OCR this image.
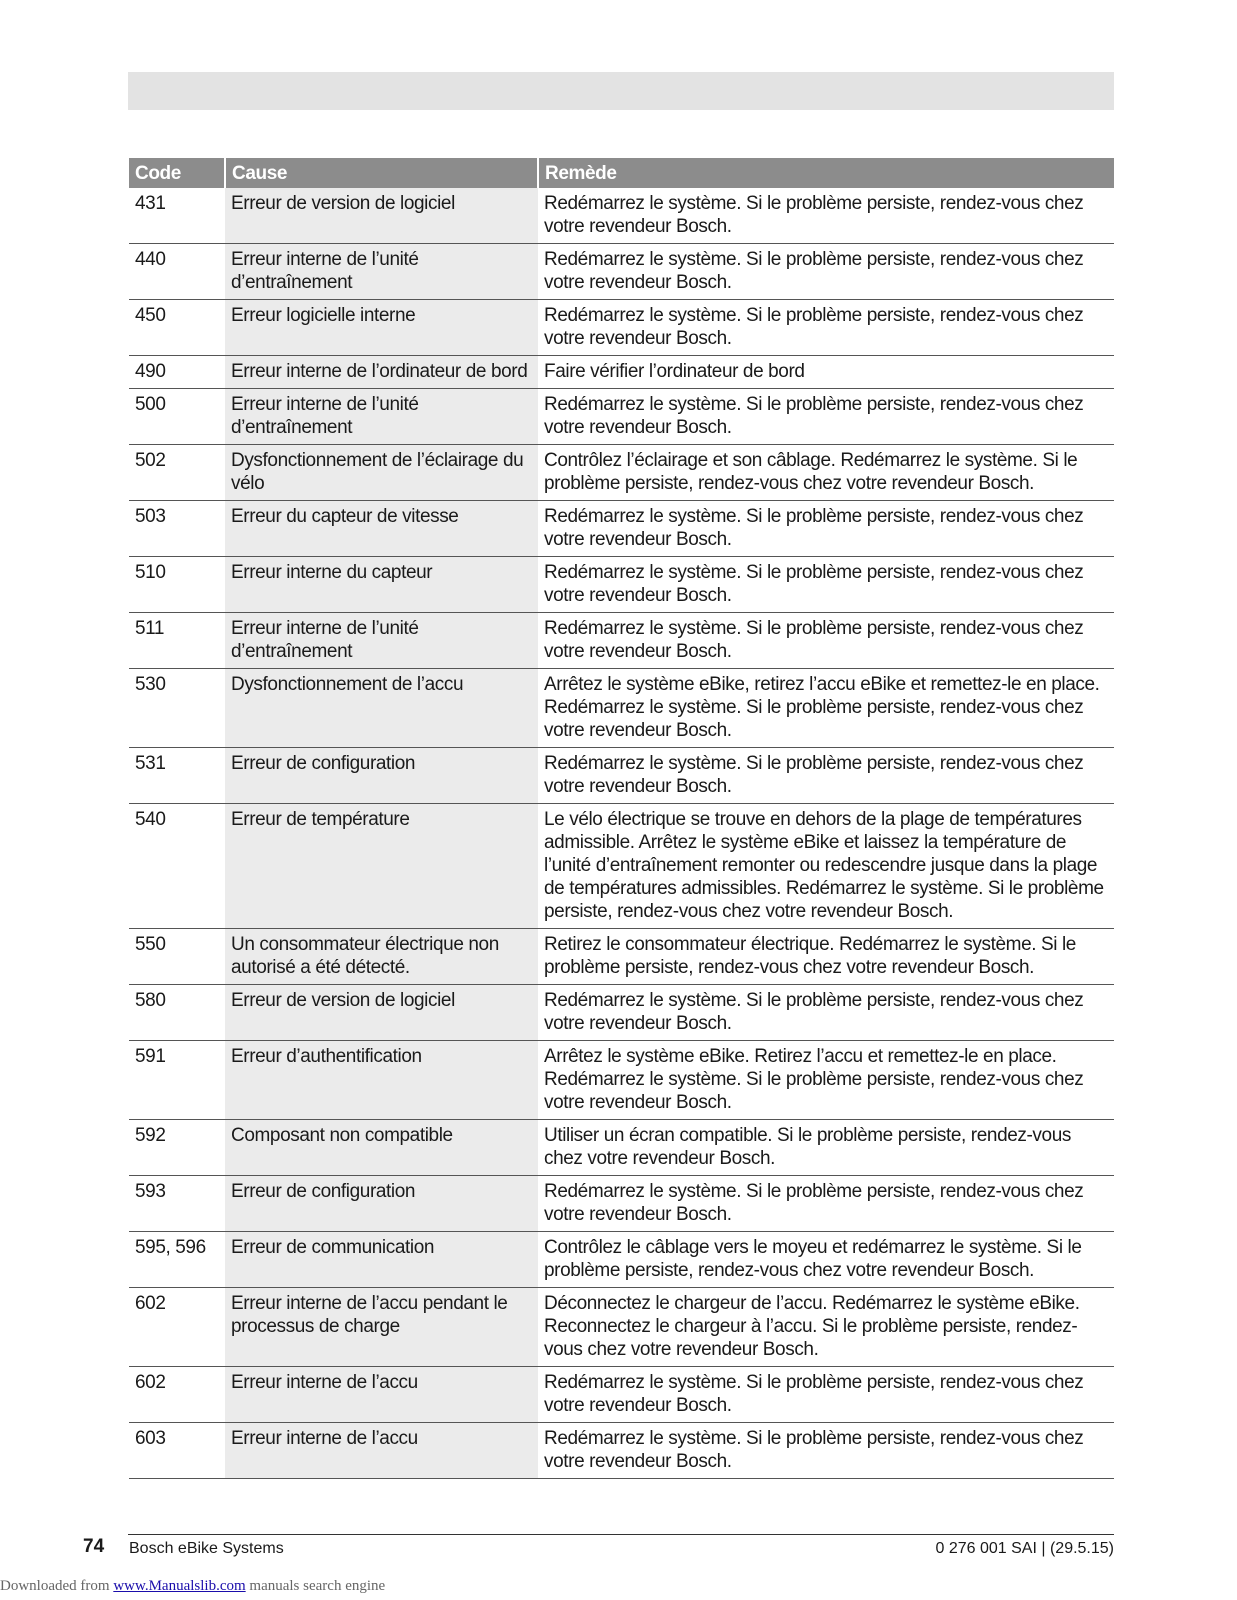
Code	Cause	Remède
431	Erreur de version de logiciel	Redémarrez le système. Si le problème persiste, rendez-vous chez votre revendeur Bosch.
440	Erreur interne de l’unité d’entraînement	Redémarrez le système. Si le problème persiste, rendez-vous chez votre revendeur Bosch.
450	Erreur logicielle interne	Redémarrez le système. Si le problème persiste, rendez-vous chez votre revendeur Bosch.
490	Erreur interne de l’ordinateur de bord	Faire vérifier l’ordinateur de bord
500	Erreur interne de l’unité d’entraînement	Redémarrez le système. Si le problème persiste, rendez-vous chez votre revendeur Bosch.
502	Dysfonctionnement de l’éclairage du vélo	Contrôlez l’éclairage et son câblage. Redémarrez le système. Si le problème persiste, rendez-vous chez votre revendeur Bosch.
503	Erreur du capteur de vitesse	Redémarrez le système. Si le problème persiste, rendez-vous chez votre revendeur Bosch.
510	Erreur interne du capteur	Redémarrez le système. Si le problème persiste, rendez-vous chez votre revendeur Bosch.
511	Erreur interne de l’unité d’entraînement	Redémarrez le système. Si le problème persiste, rendez-vous chez votre revendeur Bosch.
530	Dysfonctionnement de l’accu	Arrêtez le système eBike, retirez l’accu eBike et remettez-le en place. Redémarrez le système. Si le problème persiste, rendez-vous chez votre revendeur Bosch.
531	Erreur de configuration	Redémarrez le système. Si le problème persiste, rendez-vous chez votre revendeur Bosch.
540	Erreur de température	Le vélo électrique se trouve en dehors de la plage de températures admissible. Arrêtez le système eBike et laissez la température de l’unité d’entraînement remonter ou redescendre jusque dans la plage de températures admissibles. Redémarrez le système. Si le problème persiste, rendez-vous chez votre revendeur Bosch.
550	Un consommateur électrique non autorisé a été détecté.	Retirez le consommateur électrique. Redémarrez le système. Si le problème persiste, rendez-vous chez votre revendeur Bosch.
580	Erreur de version de logiciel	Redémarrez le système. Si le problème persiste, rendez-vous chez votre revendeur Bosch.
591	Erreur d’authentification	Arrêtez le système eBike. Retirez l’accu et remettez-le en place. Redémarrez le système. Si le problème persiste, rendez-vous chez votre revendeur Bosch.
592	Composant non compatible	Utiliser un écran compatible. Si le problème persiste, rendez-vous chez votre revendeur Bosch.
593	Erreur de configuration	Redémarrez le système. Si le problème persiste, rendez-vous chez votre revendeur Bosch.
595, 596	Erreur de communication	Contrôlez le câblage vers le moyeu et redémarrez le système. Si le problème persiste, rendez-vous chez votre revendeur Bosch.
602	Erreur interne de l’accu pendant le processus de charge	Déconnectez le chargeur de l’accu. Redémarrez le système eBike. Reconnectez le chargeur à l’accu. Si le problème persiste, rendez-vous chez votre revendeur Bosch.
602	Erreur interne de l’accu	Redémarrez le système. Si le problème persiste, rendez-vous chez votre revendeur Bosch.
603	Erreur interne de l’accu	Redémarrez le système. Si le problème persiste, rendez-vous chez votre revendeur Bosch.
74 Bosch eBike Systems	0 276 001 SAI | (29.5.15)
Downloaded from www.Manualslib.com manuals search engine
